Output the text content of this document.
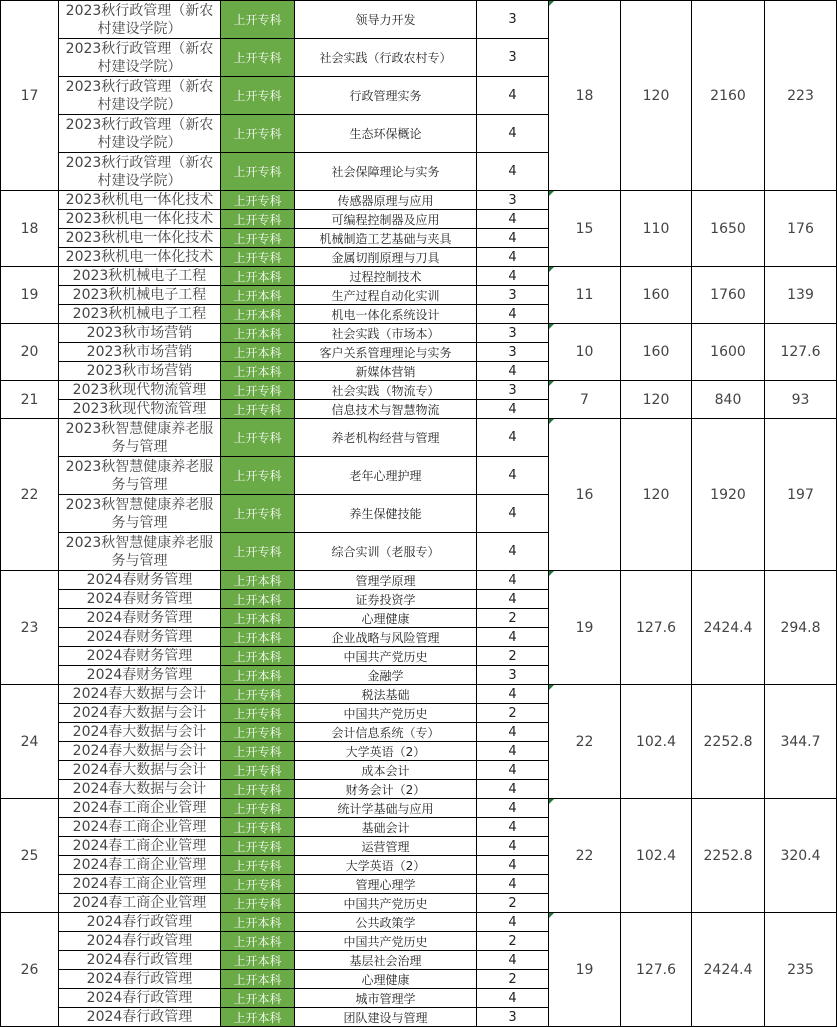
17	2023秋行政管理（新农村建设学院）	上开专科	领导力开发	3	18	120	2160	223
	2023秋行政管理（新农村建设学院）	上开专科	社会实践（行政农村专）	3				
	2023秋行政管理（新农村建设学院）	上开专科	行政管理实务	4				
	2023秋行政管理（新农村建设学院）	上开专科	生态环保概论	4				
	2023秋行政管理（新农村建设学院）	上开专科	社会保障理论与实务	4				
18	2023秋机电一体化技术	上开专科	传感器原理与应用	3	15	110	1650	176
	2023秋机电一体化技术	上开专科	可编程控制器及应用	4				
	2023秋机电一体化技术	上开专科	机械制造工艺基础与夹具	4				
	2023秋机电一体化技术	上开专科	金属切削原理与刀具	4				
19	2023秋机械电子工程	上开本科	过程控制技术	4	11	160	1760	139
	2023秋机械电子工程	上开本科	生产过程自动化实训	3				
	2023秋机械电子工程	上开本科	机电一体化系统设计	4				
20	2023秋市场营销	上开本科	社会实践（市场本）	3	10	160	1600	127.6
	2023秋市场营销	上开本科	客户关系管理理论与实务	3				
	2023秋市场营销	上开本科	新媒体营销	4				
21	2023秋现代物流管理	上开专科	社会实践（物流专）	3	7	120	840	93
	2023秋现代物流管理	上开专科	信息技术与智慧物流	4				
22	2023秋智慧健康养老服务与管理	上开专科	养老机构经营与管理	4	16	120	1920	197
	2023秋智慧健康养老服务与管理	上开专科	老年心理护理	4				
	2023秋智慧健康养老服务与管理	上开专科	养生保健技能	4				
	2023秋智慧健康养老服务与管理	上开专科	综合实训（老服专）	4				
23	2024春财务管理	上开本科	管理学原理	4	19	127.6	2424.4	294.8
	2024春财务管理	上开本科	证券投资学	4				
	2024春财务管理	上开本科	心理健康	2				
	2024春财务管理	上开本科	企业战略与风险管理	4				
	2024春财务管理	上开本科	中国共产党历史	2				
	2024春财务管理	上开本科	金融学	3				
24	2024春大数据与会计	上开专科	税法基础	4	22	102.4	2252.8	344.7
	2024春大数据与会计	上开专科	中国共产党历史	2				
	2024春大数据与会计	上开专科	会计信息系统（专）	4				
	2024春大数据与会计	上开专科	大学英语（2）	4				
	2024春大数据与会计	上开专科	成本会计	4				
	2024春大数据与会计	上开专科	财务会计（2）	4				
25	2024春工商企业管理	上开专科	统计学基础与应用	4	22	102.4	2252.8	320.4
	2024春工商企业管理	上开专科	基础会计	4				
	2024春工商企业管理	上开专科	运营管理	4				
	2024春工商企业管理	上开专科	大学英语（2）	4				
	2024春工商企业管理	上开专科	管理心理学	4				
	2024春工商企业管理	上开专科	中国共产党历史	2				
26	2024春行政管理	上开本科	公共政策学	4	19	127.6	2424.4	235
	2024春行政管理	上开本科	中国共产党历史	2				
	2024春行政管理	上开本科	基层社会治理	4				
	2024春行政管理	上开本科	心理健康	2				
	2024春行政管理	上开本科	城市管理学	4				
	2024春行政管理	上开本科	团队建设与管理	3				
